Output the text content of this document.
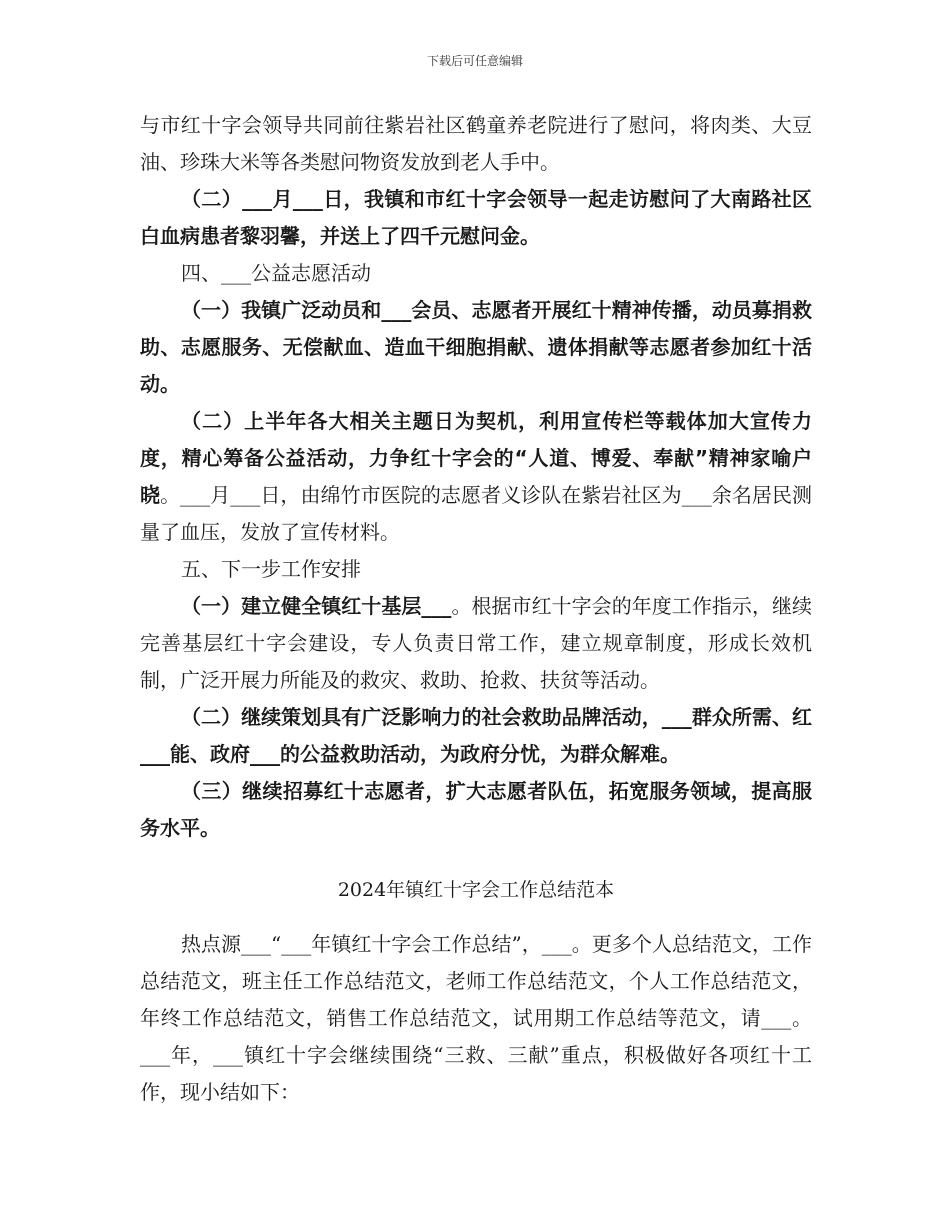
下载后可任意编辑

与市红十字会领导共同前往紫岩社区鹤童养老院进行了慰问，将肉类、大豆油、珍珠大米等各类慰问物资发放到老人手中。

（二）___月___日，我镇和市红十字会领导一起走访慰问了大南路社区白血病患者黎羽馨，并送上了四千元慰问金。

四、___公益志愿活动

（一）我镇广泛动员和___会员、志愿者开展红十精神传播，动员募捐救助、志愿服务、无偿献血、造血干细胞捐献、遗体捐献等志愿者参加红十活动。

（二）上半年各大相关主题日为契机，利用宣传栏等载体加大宣传力度，精心筹备公益活动，力争红十字会的“人道、博爱、奉献”精神家喻户晓。___月___日，由绵竹市医院的志愿者义诊队在紫岩社区为___余名居民测量了血压，发放了宣传材料。

五、下一步工作安排

（一）建立健全镇红十基层___。根据市红十字会的年度工作指示，继续完善基层红十字会建设，专人负责日常工作，建立规章制度，形成长效机制，广泛开展力所能及的救灾、救助、抢救、扶贫等活动。

（二）继续策划具有广泛影响力的社会救助品牌活动，___群众所需、红___能、政府___的公益救助活动，为政府分忧，为群众解难。

（三）继续招募红十志愿者，扩大志愿者队伍，拓宽服务领域，提高服务水平。

2024年镇红十字会工作总结范本

热点源___“___年镇红十字会工作总结”，___。更多个人总结范文，工作总结范文，班主任工作总结范文，老师工作总结范文，个人工作总结范文，年终工作总结范文，销售工作总结范文，试用期工作总结等范文，请___。___年，___镇红十字会继续围绕“三救、三献”重点，积极做好各项红十工作，现小结如下：
